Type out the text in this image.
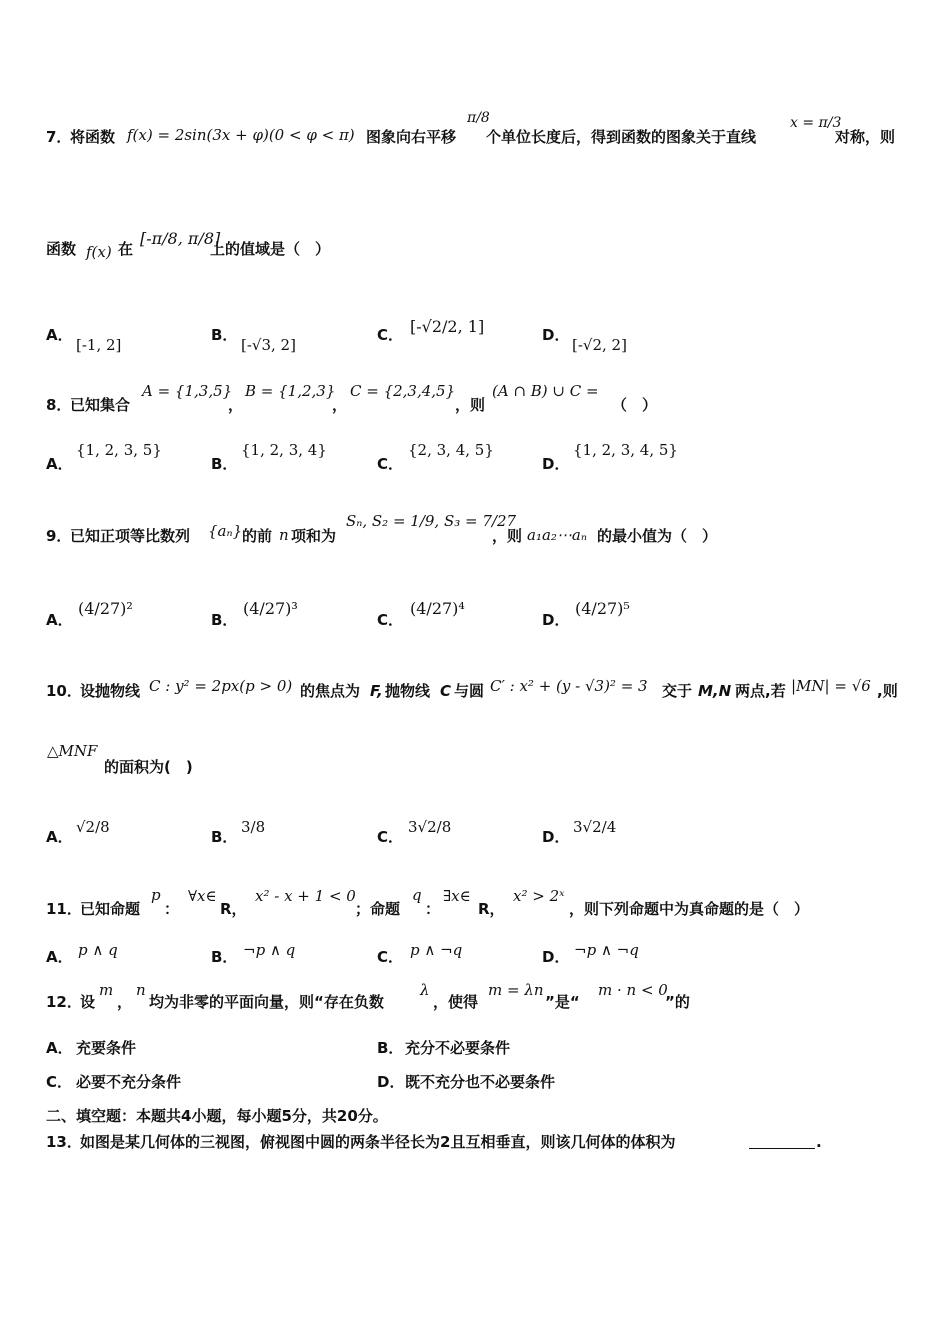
7．
将函数 f(x) = 2sin(3x + φ)(0 < φ < π) 图象向右平移
π/8
个单位长度后，得到函数的图象关于直线
x = π/3
对称，则
函数 f(x) 在
[-π/8, π/8]
上的值域是（　）
A．
[-1, 2]
B．
[-√3, 2]
C． [-√2/2, 1]	D．
[-√2, 2]
8．
已知集合
A = {1,3,5}
，
B = {1,2,3}
，
C = {2,3,4,5}
，则
(A ∩ B) ∪ C =
（　）
A．
{1, 2, 3, 5}
B．
{1, 2, 3, 4}
C．
{2, 3, 4, 5}
D．
{1, 2, 3, 4, 5}
9．
已知正项等比数列 {aₙ} 的前 n 项和为
Sₙ, S₂ = 1/9, S₃ = 7/27
，则 a₁a₂⋯aₙ 的最小值为（　）
A．
(4/27)²
B．
(4/27)³
C．
(4/27)⁴
D．
(4/27)⁵
10．
设抛物线 C : y² = 2px(p > 0) 的焦点为 F, 抛物线 C 与圆 C′ : x² + (y - √3)² = 3 交于 M,N 两点,若 |MN| = √6 ,则
△MNF
的面积为(　)
A．
√2/8
B．
3/8
C．
3√2/8
D．
3√2/4
11．
已知命题
p
：
∀x∈
R，
x² - x + 1 < 0
；命题
q
：
∃x∈
R，
x² > 2ˣ
，则下列命题中为真命题的是（　）
A． p ∧ q	B． ¬p ∧ q	C． p ∧ ¬q	D． ¬p ∧ ¬q
12．
设
m
，
n
均为非零的平面向量，则“存在负数
λ
，使得
m = λn
”是“
m · n < 0
”的
A． 充要条件	B． 充分不必要条件
C． 必要不充分条件	D． 既不充分也不必要条件
二、填空题：本题共4小题，每小题5分，共20分。
13．
如图是某几何体的三视图，俯视图中圆的两条半径长为2且互相垂直，则该几何体的体积为	.
